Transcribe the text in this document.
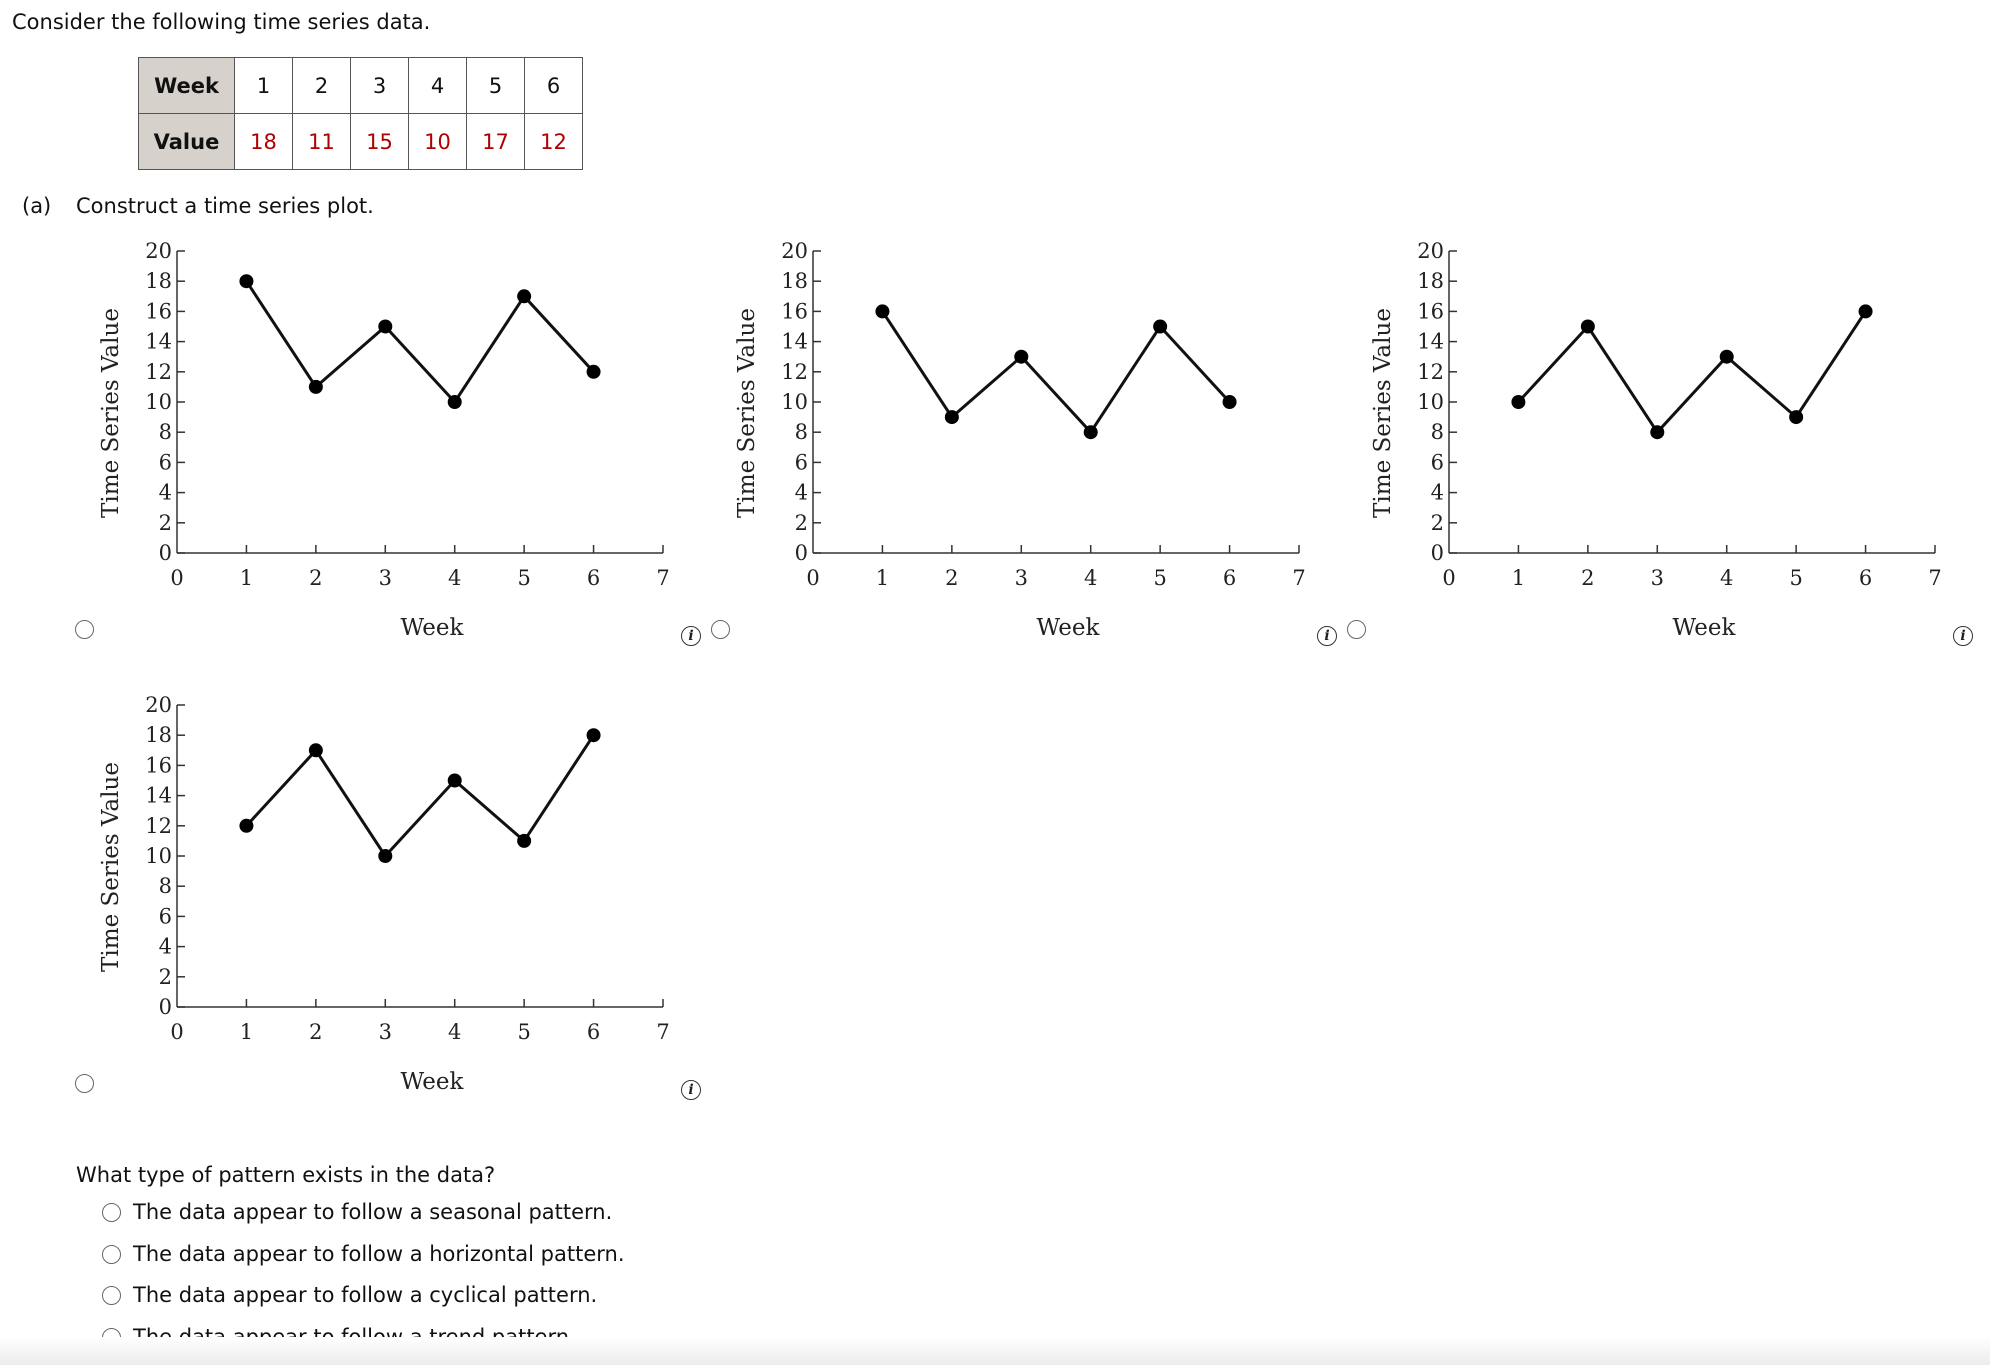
Consider the following time series data.
Week	1	2	3	4	5	6
Value	18	11	15	10	17	12
(a) Construct a time series plot.
0
2
4
6
8
10
12
14
16
18
20
0	1	2	3	4	5	6	7
Week
Time Series Value
0
2
4
6
8
10
12
14
16
18
20
0	1	2	3	4	5	6	7
Week
Time Series Value
0
2
4
6
8
10
12
14
16
18
20
0	1	2	3	4	5	6	7
Week
Time Series Value
0
2
4
6
8
10
12
14
16
18
20
0	1	2	3	4	5	6	7
Week
Time Series Value
i	i	i
i
What type of pattern exists in the data?
The data appear to follow a seasonal pattern.
The data appear to follow a horizontal pattern.
The data appear to follow a cyclical pattern.
